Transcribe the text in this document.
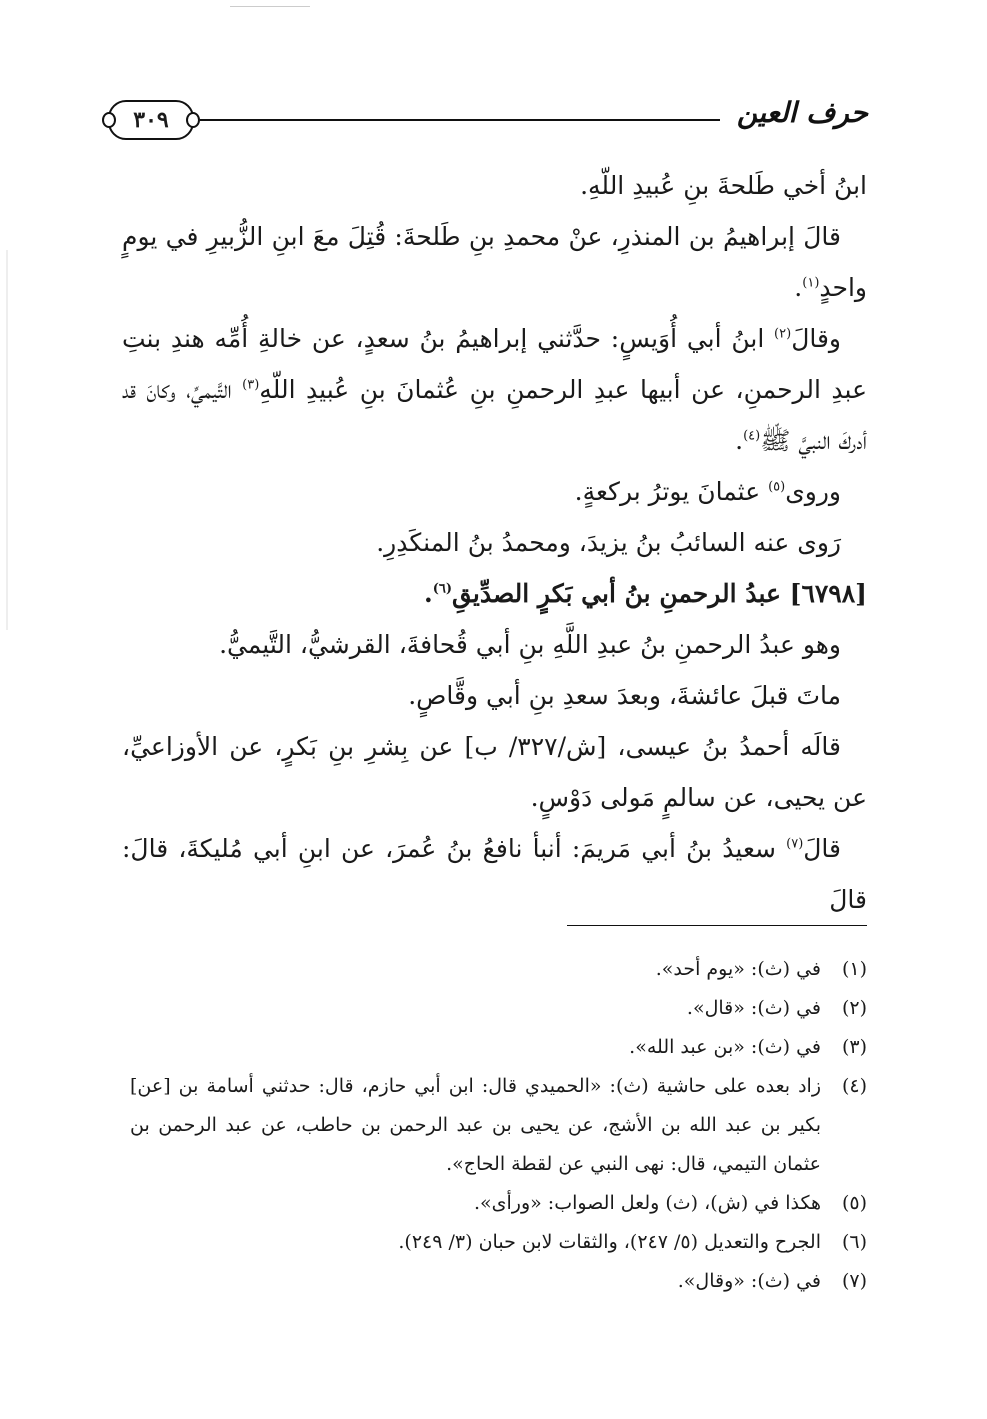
حرف العين
٣٠٩

ابنُ أخي طَلحةَ بنِ عُبيدِ اللّهِ.

قالَ إبراهيمُ بن المنذرِ، عنْ محمدِ بنِ طَلحةَ: قُتِلَ معَ ابنِ الزُّبيرِ في يومٍ واحدٍ$^{(١)}$.

وقالَ$^{(٢)}$ ابنُ أبي أُوَيسٍ: حدَّثني إبراهيمُ بنُ سعدٍ، عن خالةِ أُمِّه هندِ بنتِ عبدِ الرحمنِ، عن أبيها عبدِ الرحمنِ بنِ عُثمانَ بنِ عُبيدِ اللّهِ$^{(٣)}$ التَّيميِّ، وكانَ قد أدركَ النبيَّ ﷺ$^{(٤)}$.

وروى$^{(٥)}$ عثمانَ يوترُ بركعةٍ.

رَوى عنه السائبُ بنُ يزيدَ، ومحمدُ بنُ المنكَدِرِ.

[٦٧٩٨] عبدُ الرحمنِ بنُ أبي بَكرٍ الصدِّيقِ$^{(٦)}$.

وهو عبدُ الرحمنِ بنُ عبدِ اللَّهِ بنِ أبي قُحافةَ، القرشيُّ، التَّيميُّ.

ماتَ قبلَ عائشةَ، وبعدَ سعدِ بنِ أبي وقَّاصٍ.

قالَه أحمدُ بنُ عيسى، [ش/٣٢٧/ ب] عن بِشرِ بنِ بَكرٍ، عن الأوزاعيِّ، عن يحيى، عن سالمٍ مَولى دَوْسٍ.

قالَ$^{(٧)}$ سعيدُ بنُ أبي مَريمَ: أنبأ نافعُ بنُ عُمرَ، عن ابنِ أبي مُليكةَ، قالَ: قالَ

(١)
في (ث): «يوم أحد».
(٢)
في (ث): «قال».
(٣)
في (ث): «بن عبد الله».
(٤)
زاد بعده على حاشية (ث): «الحميدي قال: ابن أبي حازم، قال: حدثني أسامة بن [عن] بكير بن عبد الله بن الأشج، عن يحيى بن عبد الرحمن بن حاطب، عن عبد الرحمن بن عثمان التيمي، قال: نهى النبي عن لقطة الحاج».
(٥)
هكذا في (ش)، (ث) ولعل الصواب: «ورأى».
(٦)
الجرح والتعديل (٥/ ٢٤٧)، والثقات لابن حبان (٣/ ٢٤٩).
(٧)
في (ث): «وقال».
